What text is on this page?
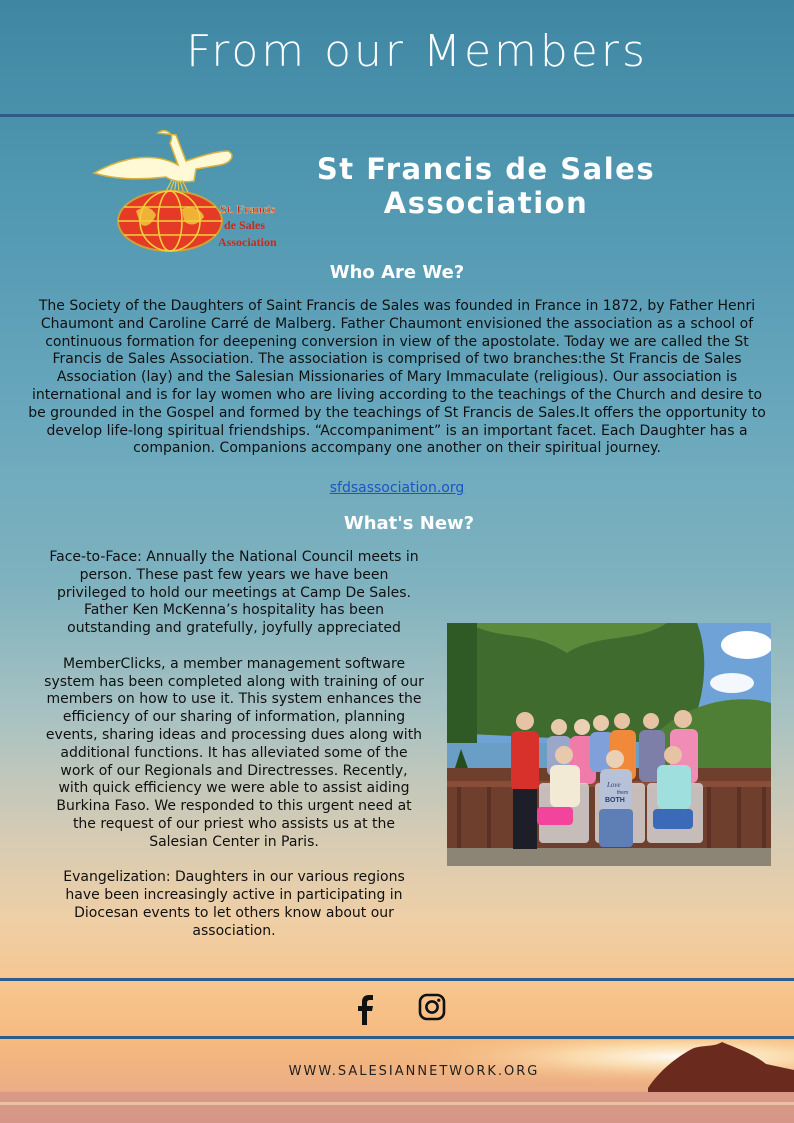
From our Members
St. Francis
de Sales
Association
St Francis de Sales
Association
Who Are We?
The Society of the Daughters of Saint Francis de Sales was founded in France in 1872, by Father Henri Chaumont and Caroline Carré de Malberg. Father Chaumont envisioned the association as a school of continuous formation for deepening conversion in view of the apostolate. Today we are called the St Francis de Sales Association. The association is comprised of two branches:the St Francis de Sales Association (lay) and the Salesian Missionaries of Mary Immaculate (religious). Our association is international and is for lay women who are living according to the teachings of the Church and desire to be grounded in the Gospel and formed by the teachings of St Francis de Sales.It offers the opportunity to develop life-long spiritual friendships. “Accompaniment” is an important facet. Each Daughter has a companion. Companions accompany one another on their spiritual journey.
sfdsassociation.org
What's New?

Face-to-Face: Annually the National Council meets in person. These past few years we have been privileged to hold our meetings at Camp De Sales. Father Ken McKenna’s hospitality has been outstanding and gratefully, joyfully appreciated

MemberClicks, a member management software system has been completed along with training of our members on how to use it. This system enhances the efficiency of our sharing of information, planning events, sharing ideas and processing dues along with additional functions. It has alleviated some of the work of our Regionals and Directresses. Recently, with quick efficiency we were able to assist aiding Burkina Faso. We responded to this urgent need at the request of our priest who assists us at the Salesian Center in Paris.

Evangelization: Daughters in our various regions have been increasingly active in participating in Diocesan events to let others know about our association.

Love
them
BOTH
WWW.SALESIANNETWORK.ORG
